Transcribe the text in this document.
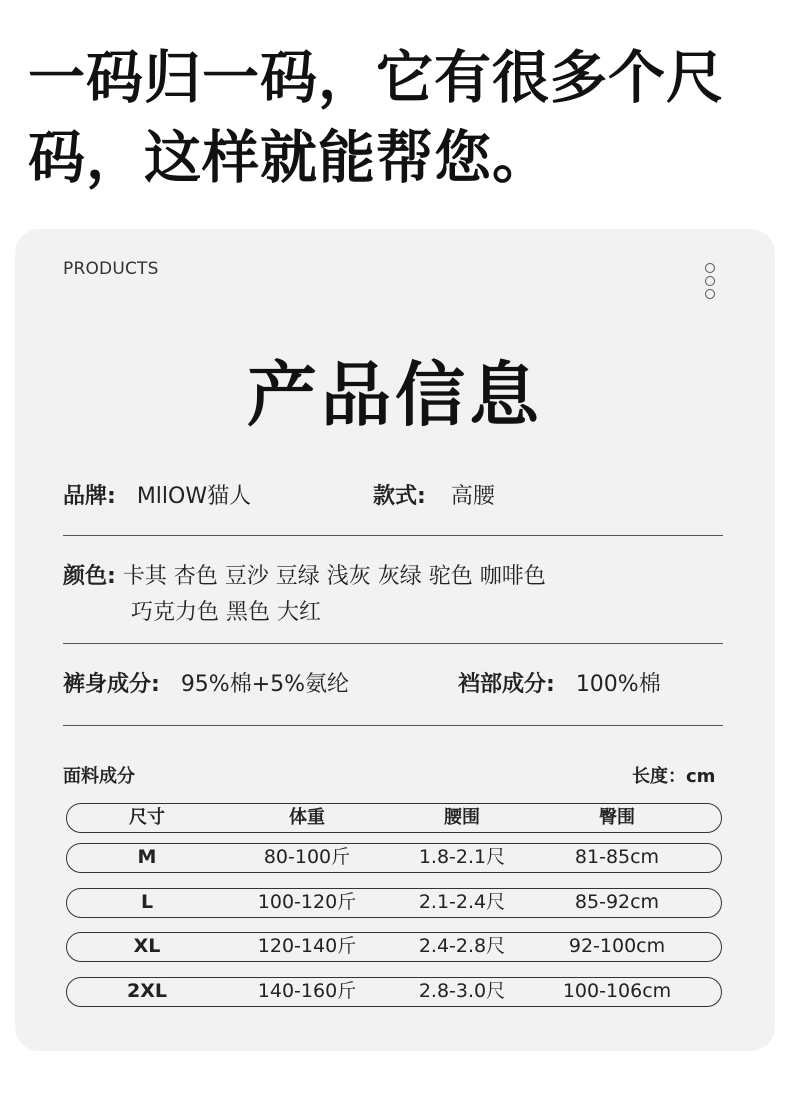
一码归一码，它有很多个尺码，这样就能帮您。
PRODUCTS
产品信息
品牌: MllOW猫人	款式: 高腰
颜色: 卡其 杏色 豆沙 豆绿 浅灰 灰绿 驼色 咖啡色
巧克力色 黑色 大红
裤身成分: 95%棉+5%氨纶	裆部成分: 100%棉
面料成分	长度：cm
尺寸	体重	腰围	臀围
M	80-100斤	1.8-2.1尺	81-85cm
L	100-120斤	2.1-2.4尺	85-92cm
XL	120-140斤	2.4-2.8尺	92-100cm
2XL	140-160斤	2.8-3.0尺	100-106cm
